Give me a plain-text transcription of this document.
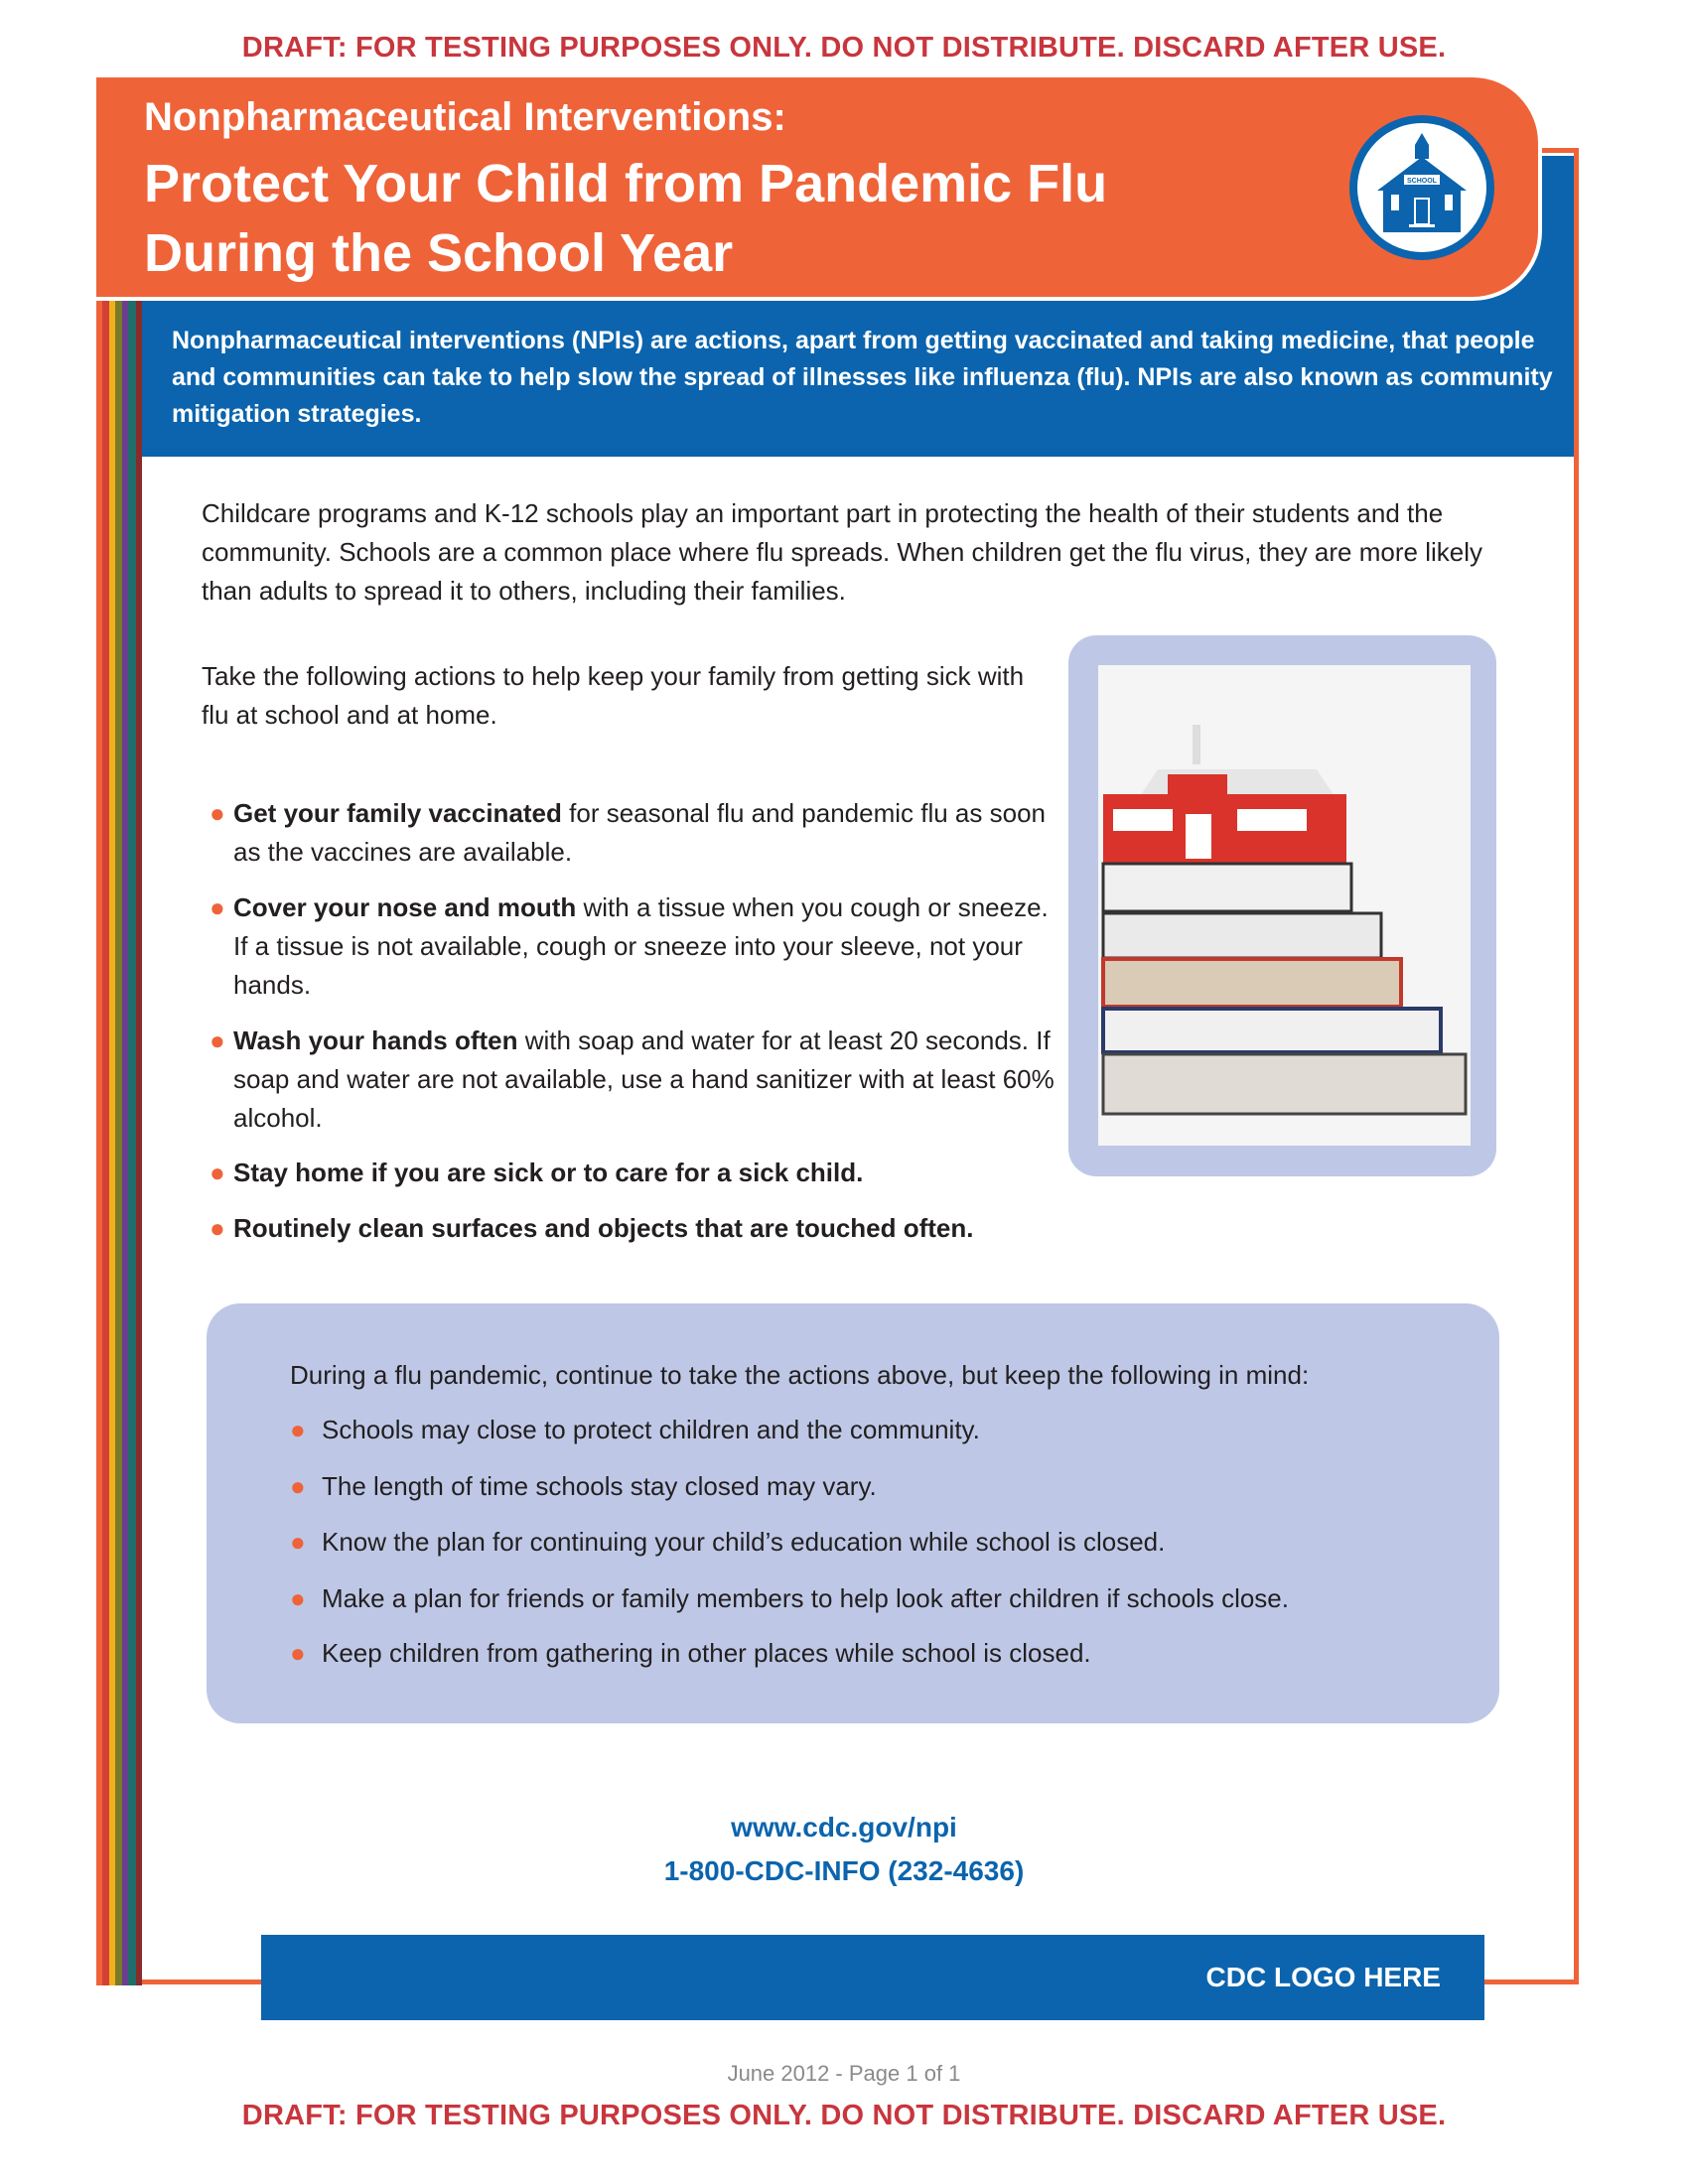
DRAFT: FOR TESTING PURPOSES ONLY. DO NOT DISTRIBUTE. DISCARD AFTER USE.
Nonpharmaceutical interventions (NPIs) are actions, apart from getting vaccinated and taking medicine, that people and communities can take to help slow the spread of illnesses like influenza (flu). NPIs are also known as community mitigation strategies.
Nonpharmaceutical Interventions:
Protect Your Child from Pandemic Flu
During the School Year
SCHOOL
Childcare programs and K-12 schools play an important part in protecting the health of their students and the community. Schools are a common place where flu spreads. When children get the flu virus, they are more likely than adults to spread it to others, including their families.
Take the following actions to help keep your family from getting sick with flu at school and at home.
● Get your family vaccinated for seasonal flu and pandemic flu as soon as the vaccines are available.
● Cover your nose and mouth with a tissue when you cough or sneeze. If a tissue is not available, cough or sneeze into your sleeve, not your hands.
● Wash your hands often with soap and water for at least 20 seconds. If soap and water are not available, use a hand sanitizer with at least 60% alcohol.
● Stay home if you are sick or to care for a sick child.
● Routinely clean surfaces and objects that are touched often.
During a flu pandemic, continue to take the actions above, but keep the following in mind:
● Schools may close to protect children and the community.
● The length of time schools stay closed may vary.
● Know the plan for continuing your child’s education while school is closed.
● Make a plan for friends or family members to help look after children if schools close.
● Keep children from gathering in other places while school is closed.
www.cdc.gov/npi
1-800-CDC-INFO (232-4636)
CDC LOGO HERE
June 2012 - Page 1 of 1
DRAFT: FOR TESTING PURPOSES ONLY. DO NOT DISTRIBUTE. DISCARD AFTER USE.
